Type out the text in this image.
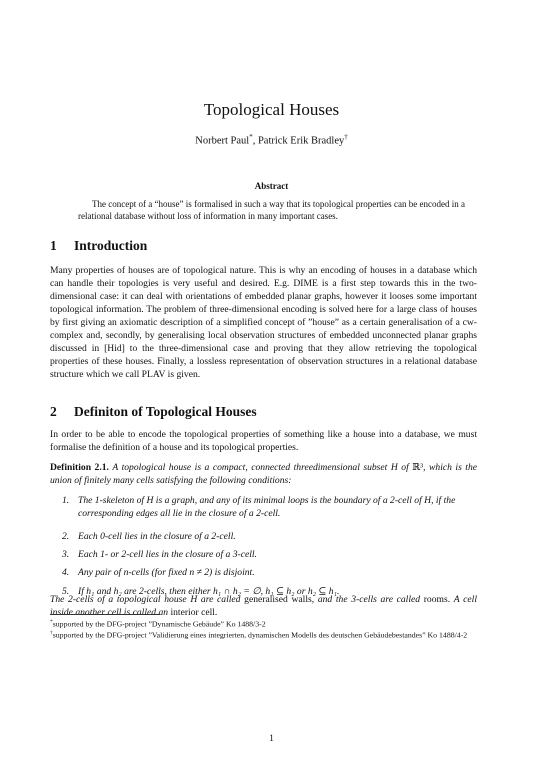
Topological Houses
Norbert Paul*, Patrick Erik Bradley†
Abstract
The concept of a “house” is formalised in such a way that its topological properties can be encoded in a relational database without loss of information in many important cases.
1 Introduction
Many properties of houses are of topological nature. This is why an encoding of houses in a database which can handle their topologies is very useful and desired. E.g. DIME is a first step towards this in the two-dimensional case: it can deal with orientations of embedded planar graphs, however it looses some important topological information. The problem of three-dimensional encoding is solved here for a large class of houses by first giving an axiomatic description of a simplified concept of ”house” as a certain generalisation of a cw-complex and, secondly, by generalising local observation structures of embedded unconnected planar graphs discussed in [Hid] to the three-dimensional case and proving that they allow retrieving the topological properties of these houses. Finally, a lossless representation of observation structures in a relational database structure which we call PLAV is given.
2 Definiton of Topological Houses
In order to be able to encode the topological properties of something like a house into a database, we must formalise the definition of a house and its topological properties.
Definition 2.1. A topological house is a compact, connected threedimensional subset H of ℝ³, which is the union of finitely many cells satisfying the following conditions:
1. The 1-skeleton of H is a graph, and any of its minimal loops is the boundary of a 2-cell of H, if the corresponding edges all lie in the closure of a 2-cell.
2. Each 0-cell lies in the closure of a 2-cell.
3. Each 1- or 2-cell lies in the closure of a 3-cell.
4. Any pair of n-cells (for fixed n ≠ 2) is disjoint.
5. If h₁ and h₂ are 2-cells, then either h₁ ∩ h₂ = ∅, h₁ ⊆ h₂ or h₂ ⊆ h₁.
The 2-cells of a topological house H are called generalised walls, and the 3-cells are called rooms. A cell inside another cell is called an interior cell.
*supported by the DFG-project ”Dynamische Gebäude” Ko 1488/3-2
†supported by the DFG-project ”Validierung eines integrierten, dynamischen Modells des deutschen Gebäudebestandes” Ko 1488/4-2
1
